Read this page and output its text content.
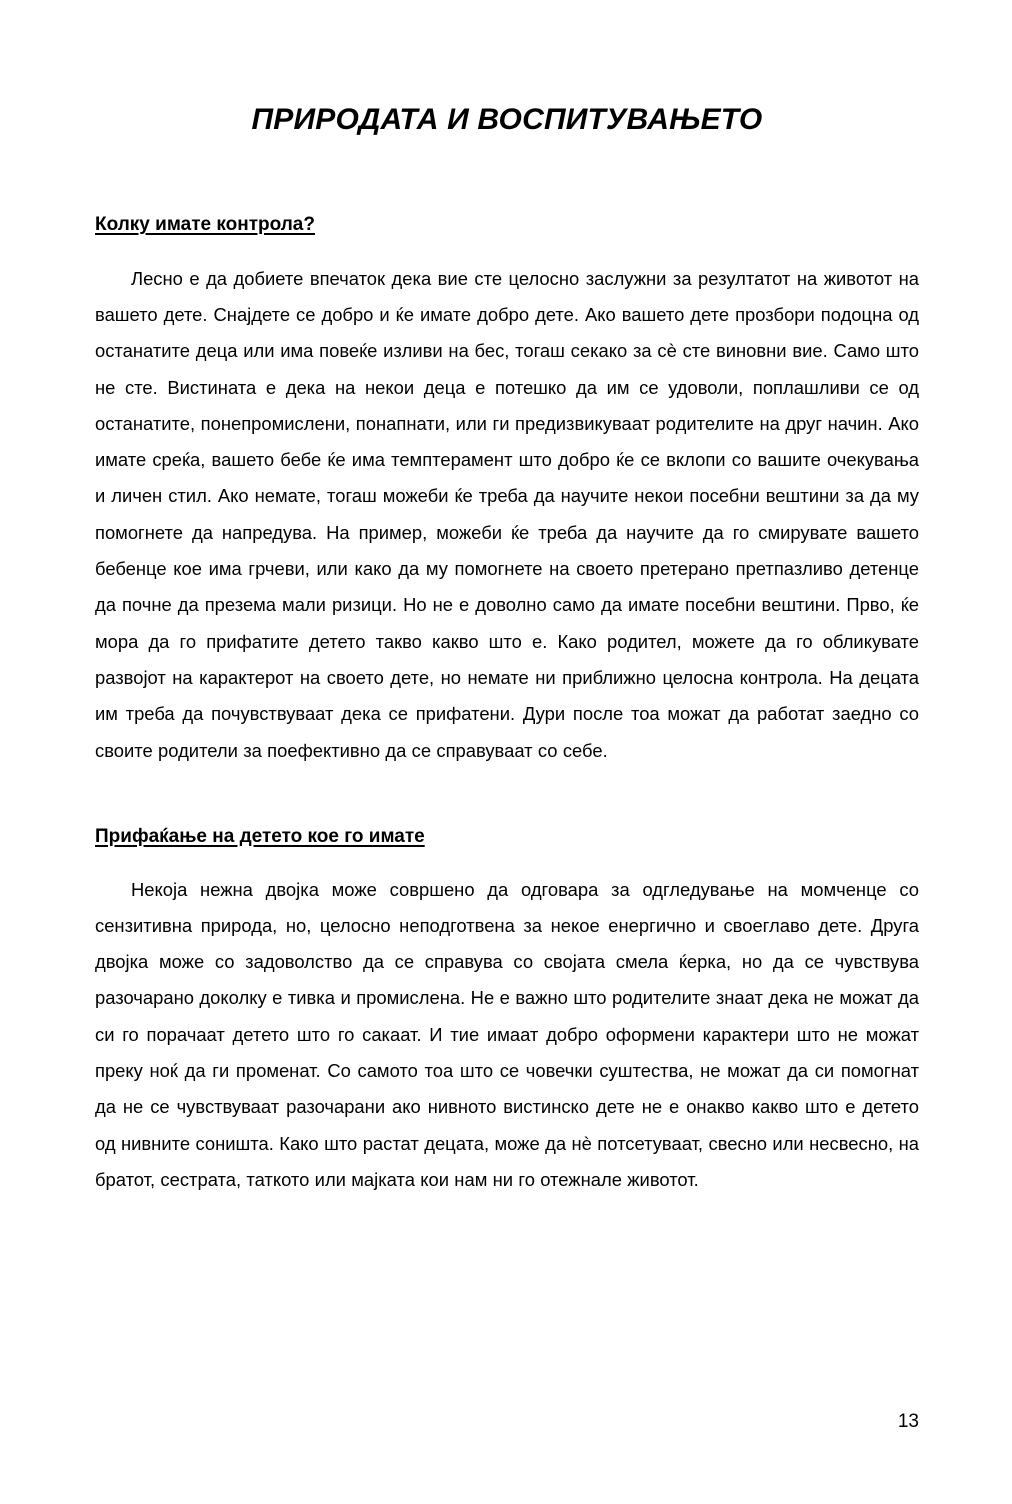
ПРИРОДАТА И ВОСПИТУВАЊЕТО
Колку имате контрола?

Лесно е да добиете впечаток дека вие сте целосно заслужни за резултатот на животот на вашето дете. Снајдете се добро и ќе имате добро дете. Ако вашето дете прозбори подоцна од останатите деца или има повеќе изливи на бес, тогаш секако за сè сте виновни вие. Само што не сте. Вистината е дека на некои деца е потешко да им се удоволи, поплашливи се од останатите, понепромислени, понапнати, или ги предизвикуваат родителите на друг начин. Ако имате среќа, вашето бебе ќе има темптерамент што добро ќе се вклопи со вашите очекувања и личен стил. Ако немате, тогаш можеби ќе треба да научите некои посебни вештини за да му помогнете да напредува. На пример, можеби ќе треба да научите да го смирувате вашето бебенце кое има грчеви, или како да му помогнете на своето претерано претпазливо детенце да почне да презема мали ризици. Но не е доволно само да имате посебни вештини. Прво, ќе мора да го прифатите детето такво какво што е. Како родител, можете да го обликувате развојот на карактерот на своето дете, но немате ни приближно целосна контрола. На децата им треба да почувствуваат дека се прифатени. Дури после тоа можат да работат заедно со своите родители за поефективно да се справуваат со себе.

Прифаќање на детето кое го имате

Некоја нежна двојка може совршено да одговара за одгледување на момченце со сензитивна природа, но, целосно неподготвена за некое енергично и своеглаво дете. Друга двојка може со задоволство да се справува со својата смела ќерка, но да се чувствува разочарано доколку е тивка и промислена. Не е важно што родителите знаат дека не можат да си го порачаат детето што го сакаат. И тие имаат добро оформени карактери што не можат преку ноќ да ги променат. Со самото тоа што се човечки суштества, не можат да си помогнат да не се чувствуваат разочарани ако нивното вистинско дете не е онакво какво што е детето од нивните соништа. Како што растат децата, може да нè потсетуваат, свесно или несвесно, на братот, сестрата, таткото или мајката кои нам ни го отежнале животот.

13
